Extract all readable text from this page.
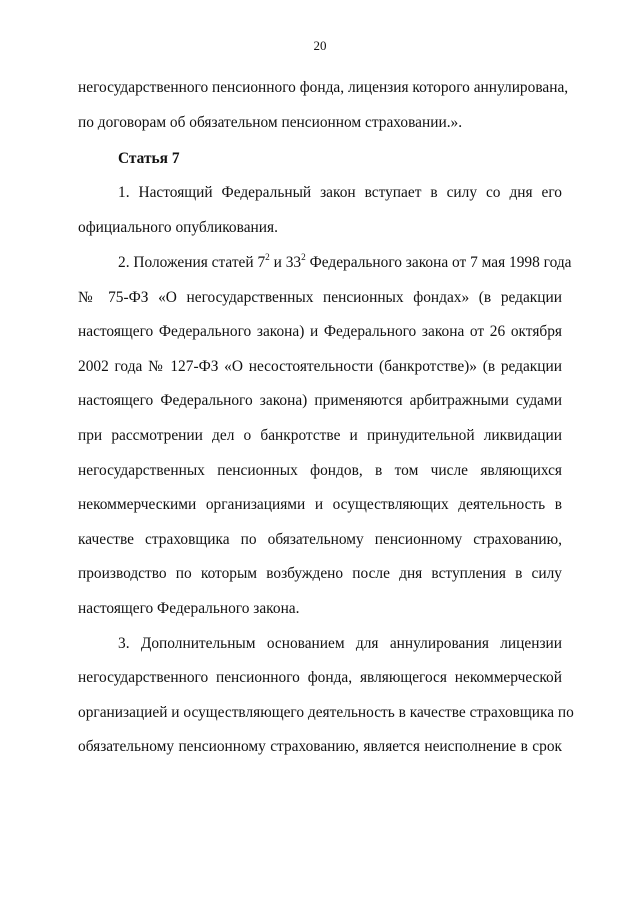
20
негосударственного пенсионного фонда, лицензия которого аннулирована,
по договорам об обязательном пенсионном страховании.».
Статья 7
1. Настоящий Федеральный закон вступает в силу со дня его
официального опубликования.
2. Положения статей $7^2$ и $33^2$ Федерального закона от 7 мая 1998 года
№ 75-ФЗ «О негосударственных пенсионных фондах» (в редакции
настоящего Федерального закона) и Федерального закона от 26 октября
2002 года № 127-ФЗ «О несостоятельности (банкротстве)» (в редакции
настоящего Федерального закона) применяются арбитражными судами
при рассмотрении дел о банкротстве и принудительной ликвидации
негосударственных пенсионных фондов, в том числе являющихся
некоммерческими организациями и осуществляющих деятельность в
качестве страховщика по обязательному пенсионному страхованию,
производство по которым возбуждено после дня вступления в силу
настоящего Федерального закона.
3. Дополнительным основанием для аннулирования лицензии
негосударственного пенсионного фонда, являющегося некоммерческой
организацией и осуществляющего деятельность в качестве страховщика по
обязательному пенсионному страхованию, является неисполнение в срок
